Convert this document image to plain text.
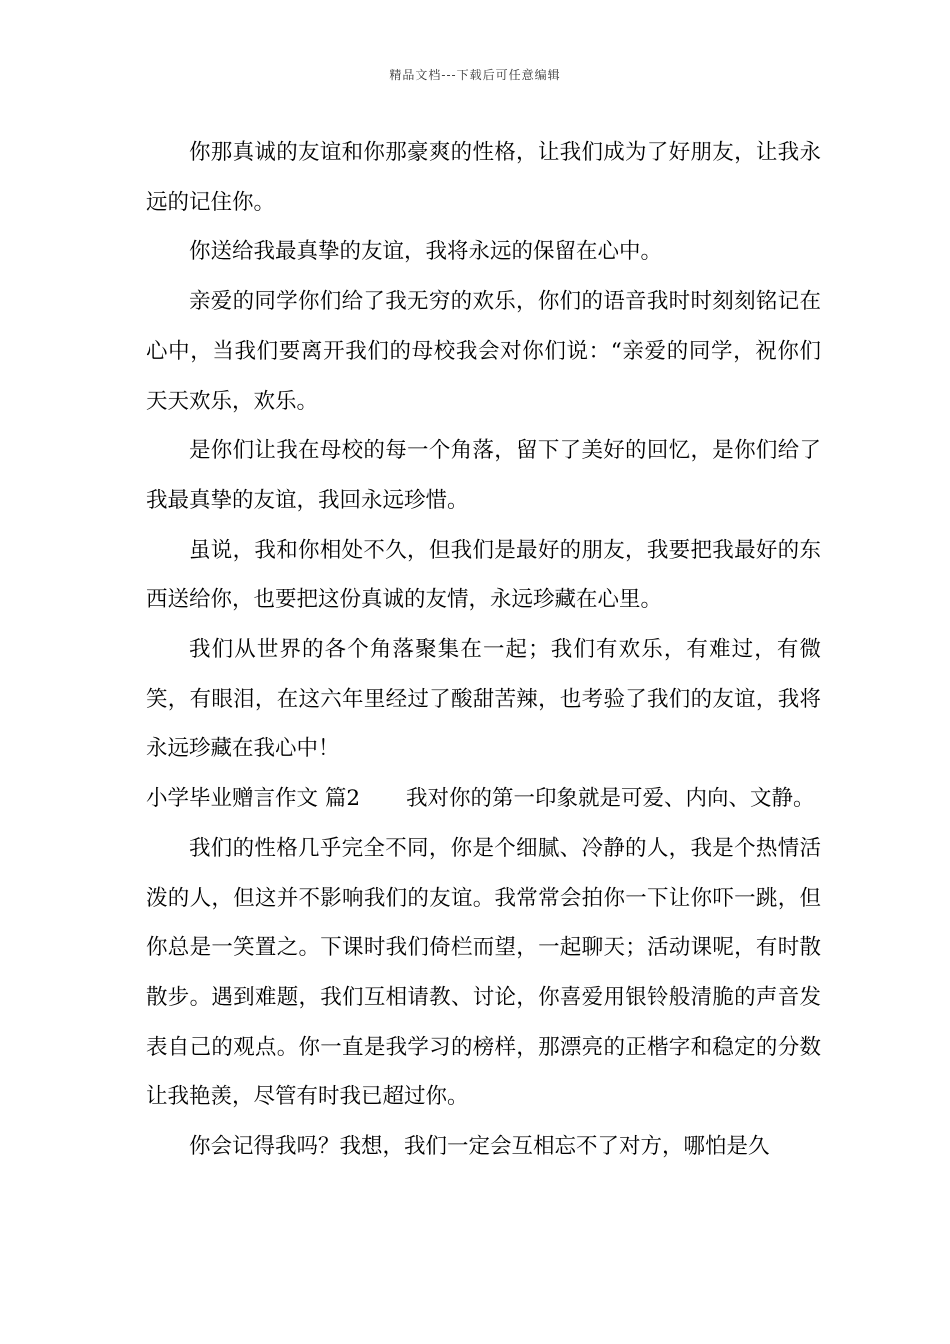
精品文档---下载后可任意编辑

你那真诚的友谊和你那豪爽的性格，让我们成为了好朋友，让我永远的记住你。

你送给我最真挚的友谊，我将永远的保留在心中。

亲爱的同学你们给了我无穷的欢乐，你们的语音我时时刻刻铭记在心中，当我们要离开我们的母校我会对你们说：“亲爱的同学，祝你们天天欢乐，欢乐。

是你们让我在母校的每一个角落，留下了美好的回忆，是你们给了我最真挚的友谊，我回永远珍惜。

虽说，我和你相处不久，但我们是最好的朋友，我要把我最好的东西送给你，也要把这份真诚的友情，永远珍藏在心里。

我们从世界的各个角落聚集在一起；我们有欢乐，有难过，有微笑，有眼泪，在这六年里经过了酸甜苦辣，也考验了我们的友谊，我将永远珍藏在我心中！

小学毕业赠言作文 篇2 我对你的第一印象就是可爱、内向、文静。

我们的性格几乎完全不同，你是个细腻、冷静的人，我是个热情活泼的人，但这并不影响我们的友谊。我常常会拍你一下让你吓一跳，但你总是一笑置之。下课时我们倚栏而望，一起聊天；活动课呢，有时散散步。遇到难题，我们互相请教、讨论，你喜爱用银铃般清脆的声音发表自己的观点。你一直是我学习的榜样，那漂亮的正楷字和稳定的分数让我艳羡，尽管有时我已超过你。

你会记得我吗？我想，我们一定会互相忘不了对方，哪怕是久
